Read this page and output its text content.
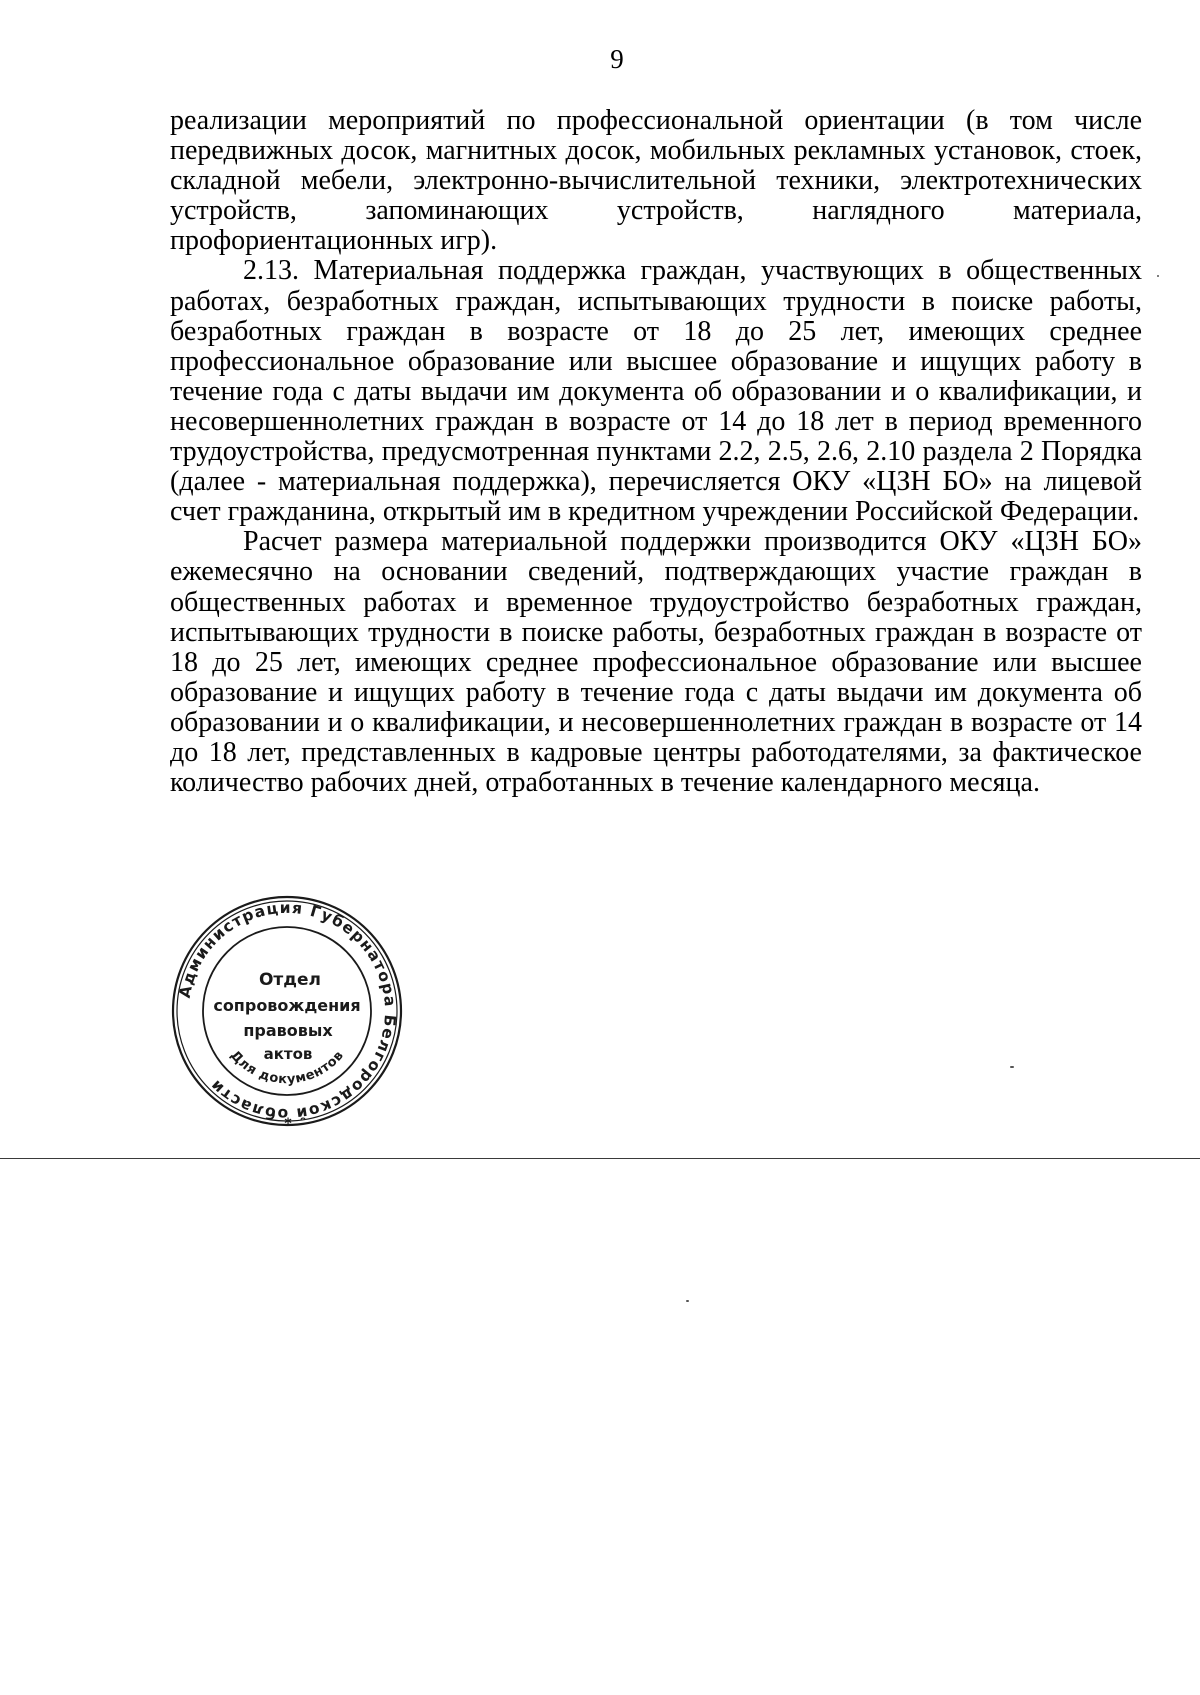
9

реализации мероприятий по профессиональной ориентации (в том числе передвижных досок, магнитных досок, мобильных рекламных установок, стоек, складной мебели, электронно-вычислительной техники, электротехнических устройств, запоминающих устройств, наглядного материала, профориентационных игр).

2.13. Материальная поддержка граждан, участвующих в общественных работах, безработных граждан, испытывающих трудности в поиске работы, безработных граждан в возрасте от 18 до 25 лет, имеющих среднее профессиональное образование или высшее образование и ищущих работу в течение года с даты выдачи им документа об образовании и о квалификации, и несовершеннолетних граждан в возрасте от 14 до 18 лет в период временного трудоустройства, предусмотренная пунктами 2.2, 2.5, 2.6, 2.10 раздела 2 Порядка (далее - материальная поддержка), перечисляется ОКУ «ЦЗН БО» на лицевой счет гражданина, открытый им в кредитном учреждении Российской Федерации.

Расчет размера материальной поддержки производится ОКУ «ЦЗН БО» ежемесячно на основании сведений, подтверждающих участие граждан в общественных работах и временное трудоустройство безработных граждан, испытывающих трудности в поиске работы, безработных граждан в возрасте от 18 до 25 лет, имеющих среднее профессиональное образование или высшее образование и ищущих работу в течение года с даты выдачи им документа об образовании и о квалификации, и несовершеннолетних граждан в возрасте от 14 до 18 лет, представленных в кадровые центры работодателями, за фактическое количество рабочих дней, отработанных в течение календарного месяца.

Администрация Губернатора Белгородской области
Для документов
Отдел
сопровождения
правовых
актов
*
